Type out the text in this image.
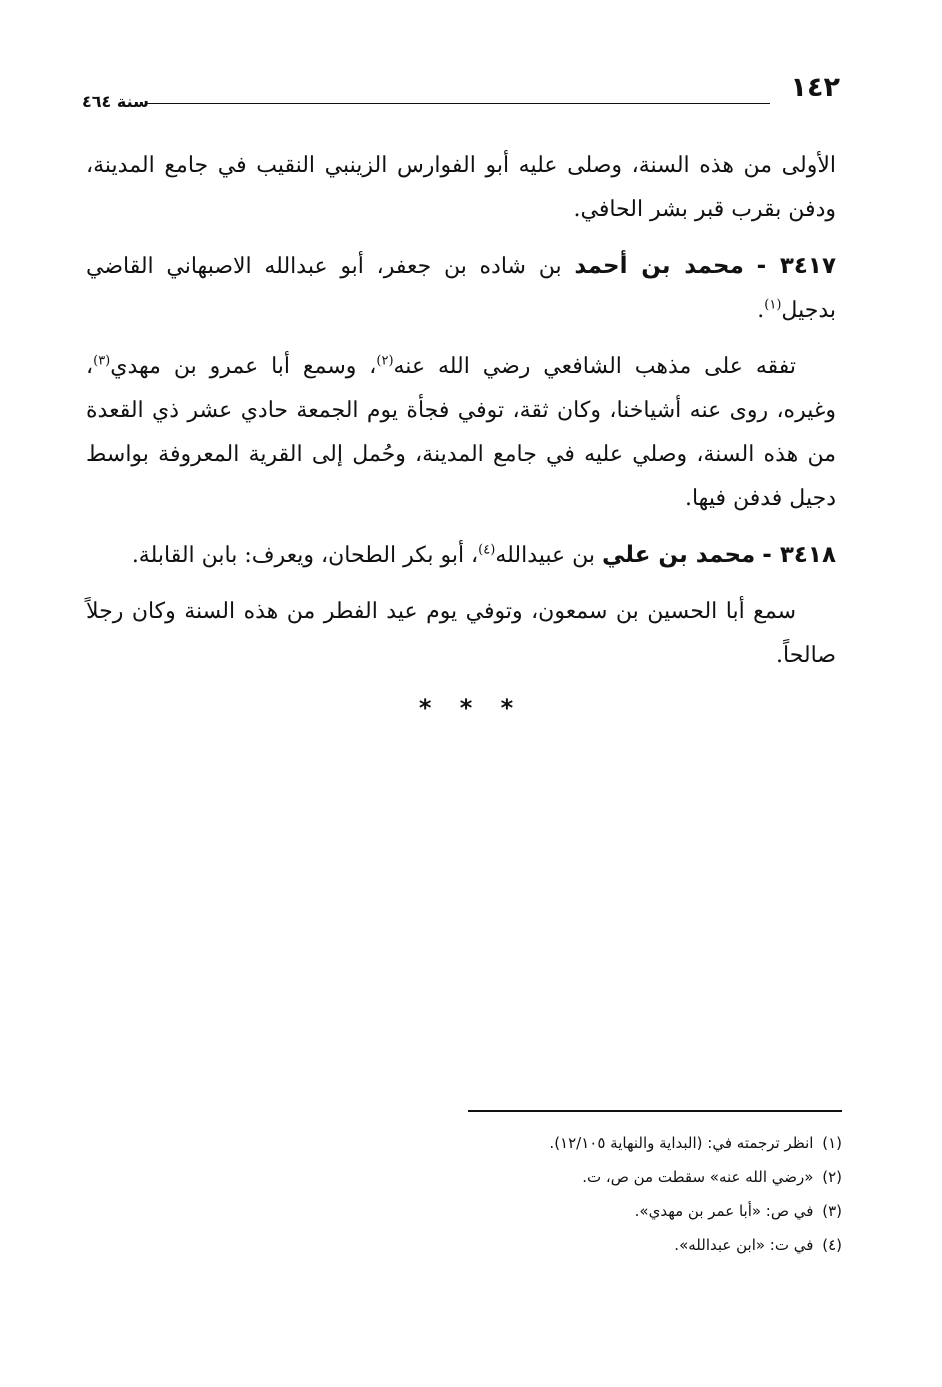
١٤٢
سنة ٤٦٤

الأولى من هذه السنة، وصلى عليه أبو الفوارس الزينبي النقيب في جامع المدينة، ودفن بقرب قبر بشر الحافي.

٣٤١٧ - محمد بن أحمد بن شاده بن جعفر، أبو عبدالله الاصبهاني القاضي بدجيل$^{(١)}$.

تفقه على مذهب الشافعي رضي الله عنه$^{(٢)}$، وسمع أبا عمرو بن مهدي$^{(٣)}$، وغيره، روى عنه أشياخنا، وكان ثقة، توفي فجأة يوم الجمعة حادي عشر ذي القعدة من هذه السنة، وصلي عليه في جامع المدينة، وحُمل إلى القرية المعروفة بواسط دجيل فدفن فيها.

٣٤١٨ - محمد بن علي بن عبيدالله$^{(٤)}$، أبو بكر الطحان، ويعرف: بابن القابلة.

سمع أبا الحسين بن سمعون، وتوفي يوم عيد الفطر من هذه السنة وكان رجلاً صالحاً.

* * *
(١) انظر ترجمته في: (البداية والنهاية ١٢/١٠٥).
(٢) «رضي الله عنه» سقطت من ص، ت.
(٣) في ص: «أبا عمر بن مهدي».
(٤) في ت: «ابن عبدالله».
